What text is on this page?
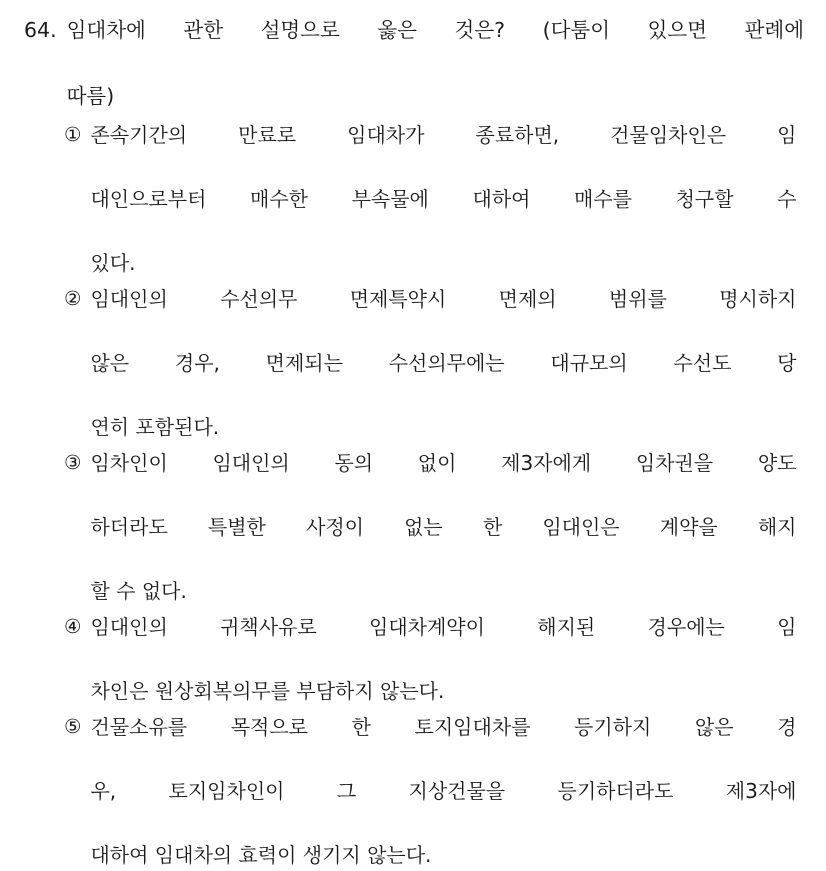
64. 임대차에 관한 설명으로 옳은 것은? (다툼이 있으면 판례에
따름)
① 존속기간의 만료로 임대차가 종료하면, 건물임차인은 임
대인으로부터 매수한 부속물에 대하여 매수를 청구할 수
있다.
② 임대인의 수선의무 면제특약시 면제의 범위를 명시하지
않은 경우, 면제되는 수선의무에는 대규모의 수선도 당
연히 포함된다.
③ 임차인이 임대인의 동의 없이 제3자에게 임차권을 양도
하더라도 특별한 사정이 없는 한 임대인은 계약을 해지
할 수 없다.
④ 임대인의 귀책사유로 임대차계약이 해지된 경우에는 임
차인은 원상회복의무를 부담하지 않는다.
⑤ 건물소유를 목적으로 한 토지임대차를 등기하지 않은 경
우, 토지임차인이 그 지상건물을 등기하더라도 제3자에
대하여 임대차의 효력이 생기지 않는다.
